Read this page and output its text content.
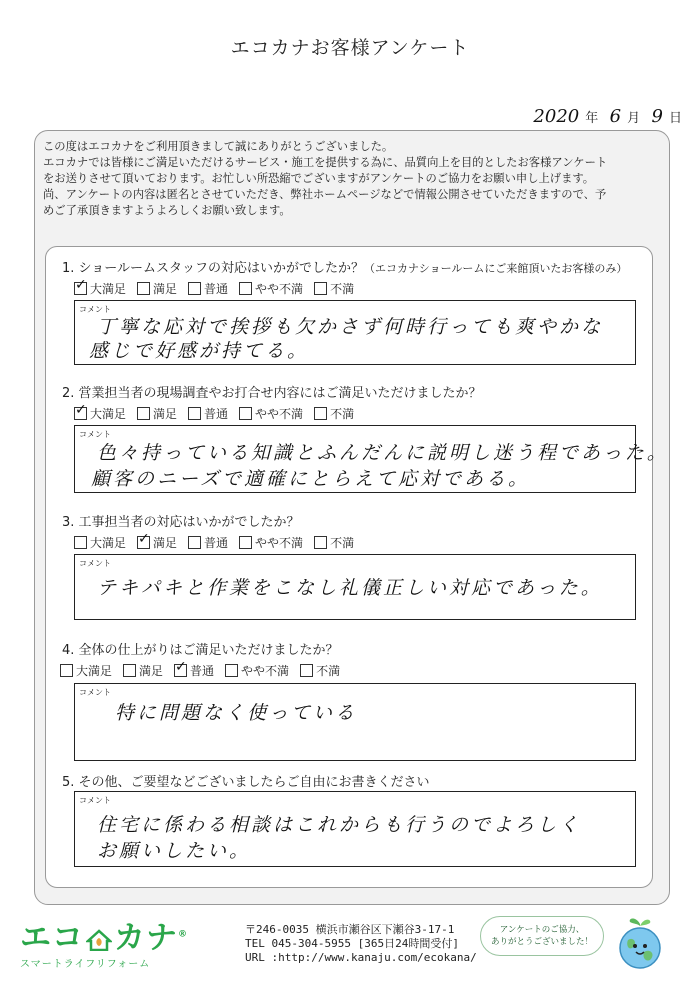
エコカナお客様アンケート
2020 年 6 月 9 日
この度はエコカナをご利用頂きまして誠にありがとうございました。
エコカナでは皆様にご満足いただけるサービス・施工を提供する為に、品質向上を目的としたお客様アンケート
をお送りさせて頂いております。お忙しい所恐縮でございますがアンケートのご協力をお願い申し上げます。
尚、アンケートの内容は匿名とさせていただき、弊社ホームページなどで情報公開させていただきますので、予
めご了承頂きますようよろしくお願い致します。
1. ショールームスタッフの対応はいかがでしたか？（エコカナショールームにご来館頂いたお客様のみ）
✓
大満足 満足 普通 やや不満 不満
コメント
丁寧な応対で挨拶も欠かさず何時行っても爽やかな
感じで好感が持てる。
2. 営業担当者の現場調査やお打合せ内容にはご満足いただけましたか？
✓
大満足 満足 普通 やや不満 不満
コメント
色々持っている知識とふんだんに説明し迷う程であった。
顧客のニーズで適確にとらえて応対である。
3. 工事担当者の対応はいかがでしたか？
大満足 ✓ 満足 普通 やや不満 不満
コメント
テキパキと作業をこなし礼儀正しい対応であった。
4. 全体の仕上がりはご満足いただけましたか？
大満足 満足 ✓ 普通 やや不満 不満
コメント
特に問題なく使っている
5. その他、ご要望などございましたらご自由にお書きください
コメント
住宅に係わる相談はこれからも行うのでよろしく
お願いしたい。
エコ カナ®
スマートライフリフォーム
〒246-0035 横浜市瀬谷区下瀬谷3-17-1
TEL 045-304-5955 [365日24時間受付]
URL :http://www.kanaju.com/ecokana/
アンケートのご協力、
ありがとうございました！
